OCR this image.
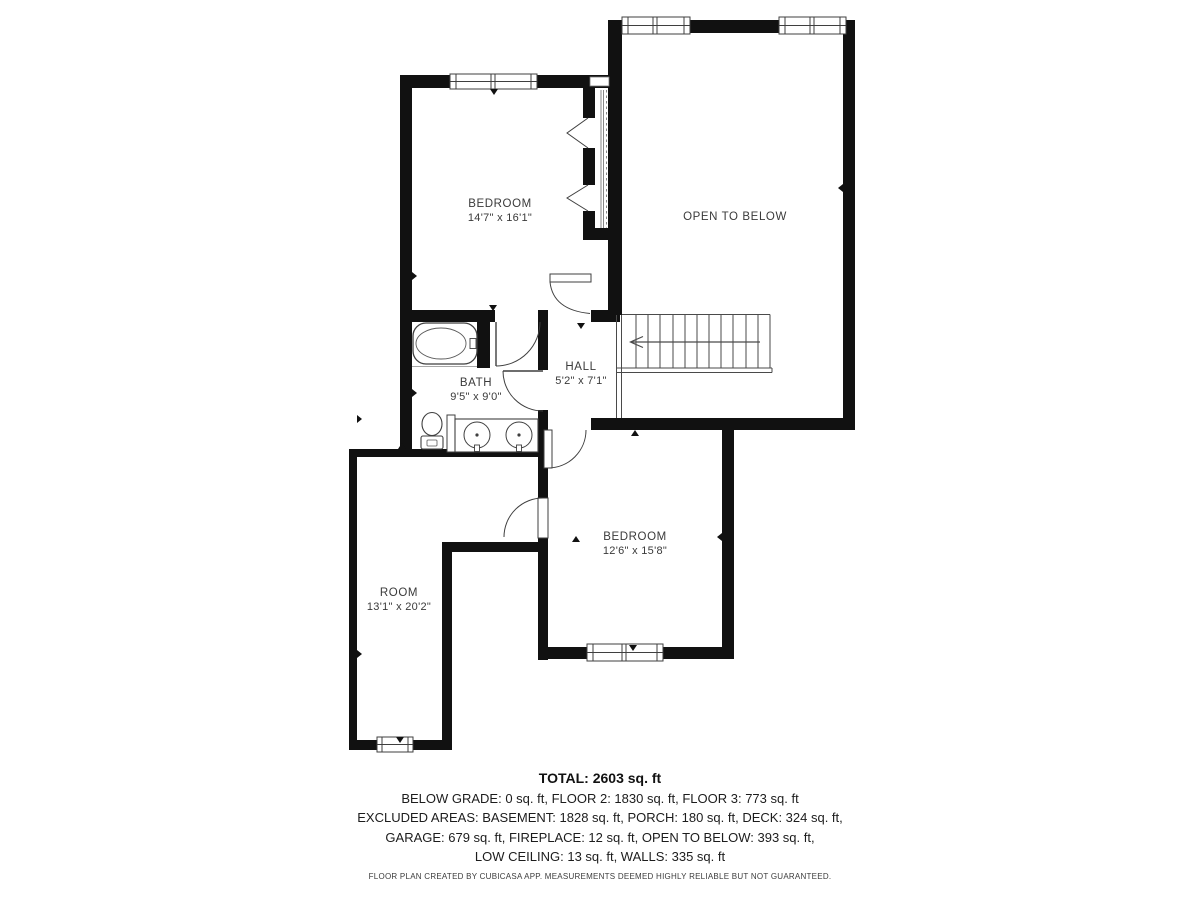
BEDROOM
14'7" x 16'1"	OPEN TO BELOW
HALL
5'2" x 7'1"
BATH
9'5" x 9'0"
BEDROOM
12'6" x 15'8"
ROOM
13'1" x 20'2"
TOTAL: 2603 sq. ft
BELOW GRADE: 0 sq. ft, FLOOR 2: 1830 sq. ft, FLOOR 3: 773 sq. ft
EXCLUDED AREAS: BASEMENT: 1828 sq. ft, PORCH: 180 sq. ft, DECK: 324 sq. ft,
GARAGE: 679 sq. ft, FIREPLACE: 12 sq. ft, OPEN TO BELOW: 393 sq. ft,
LOW CEILING: 13 sq. ft, WALLS: 335 sq. ft
FLOOR PLAN CREATED BY CUBICASA APP. MEASUREMENTS DEEMED HIGHLY RELIABLE BUT NOT GUARANTEED.
